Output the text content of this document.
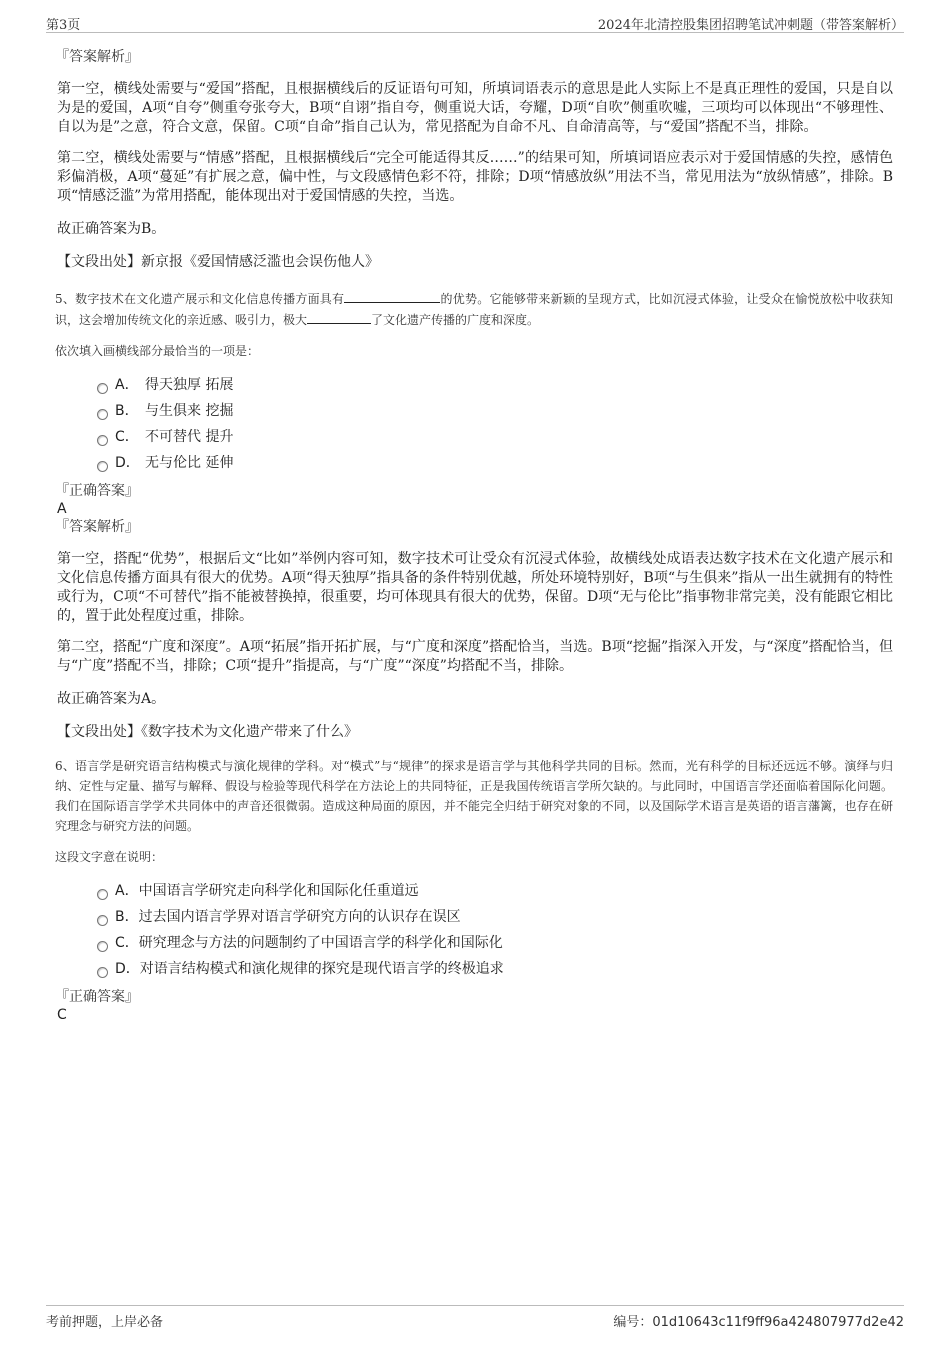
第3页	2024年北清控股集团招聘笔试冲刺题（带答案解析）

『答案解析』

第一空，横线处需要与“爱国”搭配，且根据横线后的反证语句可知，所填词语表示的意思是此人实际上不是真正理性的爱国，只是自以为是的爱国，A项“自夸”侧重夸张夸大，B项“自诩”指自夸，侧重说大话，夸耀，D项“自吹”侧重吹嘘，三项均可以体现出“不够理性、自以为是”之意，符合文意，保留。C项“自命”指自己认为，常见搭配为自命不凡、自命清高等，与“爱国”搭配不当，排除。

第二空，横线处需要与“情感”搭配，且根据横线后“完全可能适得其反……”的结果可知，所填词语应表示对于爱国情感的失控，感情色彩偏消极，A项“蔓延”有扩展之意，偏中性，与文段感情色彩不符，排除；D项“情感放纵”用法不当，常见用法为“放纵情感”，排除。B项“情感泛滥”为常用搭配，能体现出对于爱国情感的失控，当选。

故正确答案为B。

【文段出处】新京报《爱国情感泛滥也会误伤他人》

5、数字技术在文化遗产展示和文化信息传播方面具有	的优势。它能够带来新颖的呈现方式，比如沉浸式体验，让受众在愉悦放松中收获知识，这会增加传统文化的亲近感、吸引力，极大	了文化遗产传播的广度和深度。

依次填入画横线部分最恰当的一项是：

A． 得天独厚 拓展
B． 与生俱来 挖掘
C． 不可替代 提升
D． 无与伦比 延伸

『正确答案』

A

『答案解析』

第一空，搭配“优势”，根据后文“比如”举例内容可知，数字技术可让受众有沉浸式体验，故横线处成语表达数字技术在文化遗产展示和文化信息传播方面具有很大的优势。A项“得天独厚”指具备的条件特别优越，所处环境特别好，B项“与生俱来”指从一出生就拥有的特性或行为，C项“不可替代”指不能被替换掉，很重要，均可体现具有很大的优势，保留。D项“无与伦比”指事物非常完美，没有能跟它相比的，置于此处程度过重，排除。

第二空，搭配“广度和深度”。A项“拓展”指开拓扩展，与“广度和深度”搭配恰当，当选。B项“挖掘”指深入开发，与“深度”搭配恰当，但与“广度”搭配不当，排除；C项“提升”指提高，与“广度”“深度”均搭配不当，排除。

故正确答案为A。

【文段出处】《数字技术为文化遗产带来了什么》

6、语言学是研究语言结构模式与演化规律的学科。对“模式”与“规律”的探求是语言学与其他科学共同的目标。然而，光有科学的目标还远远不够。演绎与归纳、定性与定量、描写与解释、假设与检验等现代科学在方法论上的共同特征，正是我国传统语言学所欠缺的。与此同时，中国语言学还面临着国际化问题。我们在国际语言学学术共同体中的声音还很微弱。造成这种局面的原因，并不能完全归结于研究对象的不同，以及国际学术语言是英语的语言藩篱，也存在研究理念与研究方法的问题。

这段文字意在说明：

A．中国语言学研究走向科学化和国际化任重道远
B．过去国内语言学界对语言学研究方向的认识存在误区
C．研究理念与方法的问题制约了中国语言学的科学化和国际化
D．对语言结构模式和演化规律的探究是现代语言学的终极追求

『正确答案』

C

考前押题，上岸必备	编号：01d10643c11f9ff96a424807977d2e42
